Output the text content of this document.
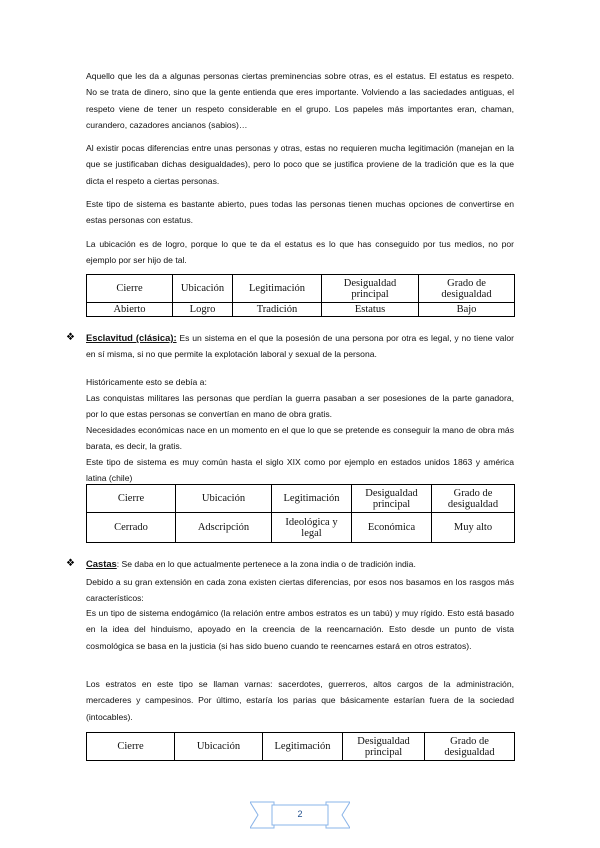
Aquello que les da a algunas personas ciertas preminencias sobre otras, es el estatus. El estatus es respeto. No se trata de dinero, sino que la gente entienda que eres importante. Volviendo a las saciedades antiguas, el respeto viene de tener un respeto considerable en el grupo. Los papeles más importantes eran, chaman, curandero, cazadores ancianos (sabios)…

Al existir pocas diferencias entre unas personas y otras, estas no requieren mucha legitimación (manejan en la que se justificaban dichas desigualdades), pero lo poco que se justifica proviene de la tradición que es la que dicta el respeto a ciertas personas.

Este tipo de sistema es bastante abierto, pues todas las personas tienen muchas opciones de convertirse en estas personas con estatus.

La ubicación es de logro, porque lo que te da el estatus es lo que has conseguido por tus medios, no por ejemplo por ser hijo de tal.

Cierre	Ubicación	Legitimación	Desigualdad principal	Grado de desigualdad
Abierto	Logro	Tradición	Estatus	Bajo
❖ Esclavitud (clásica): Es un sistema en el que la posesión de una persona por otra es legal, y no tiene valor en sí misma, si no que permite la explotación laboral y sexual de la persona.

Históricamente esto se debía a:

Las conquistas militares las personas que perdían la guerra pasaban a ser posesiones de la parte ganadora, por lo que estas personas se convertían en mano de obra gratis.

Necesidades económicas nace en un momento en el que lo que se pretende es conseguir la mano de obra más barata, es decir, la gratis.

Este tipo de sistema es muy común hasta el siglo XIX como por ejemplo en estados unidos 1863 y américa latina (chile)

Cierre	Ubicación	Legitimación	Desigualdad principal	Grado de desigualdad
Cerrado	Adscripción	Ideológica y legal	Económica	Muy alto
❖ Castas: Se daba en lo que actualmente pertenece a la zona india o de tradición india.

Debido a su gran extensión en cada zona existen ciertas diferencias, por esos nos basamos en los rasgos más característicos:

Es un tipo de sistema endogámico (la relación entre ambos estratos es un tabú) y muy rígido. Esto está basado en la idea del hinduismo, apoyado en la creencia de la reencarnación. Esto desde un punto de vista cosmológica se basa en la justicia (si has sido bueno cuando te reencarnes estará en otros estratos).

Los estratos en este tipo se llaman varnas: sacerdotes, guerreros, altos cargos de la administración, mercaderes y campesinos. Por último, estaría los parias que básicamente estarían fuera de la sociedad (intocables).

Cierre	Ubicación	Legitimación	Desigualdad principal	Grado de desigualdad
2
